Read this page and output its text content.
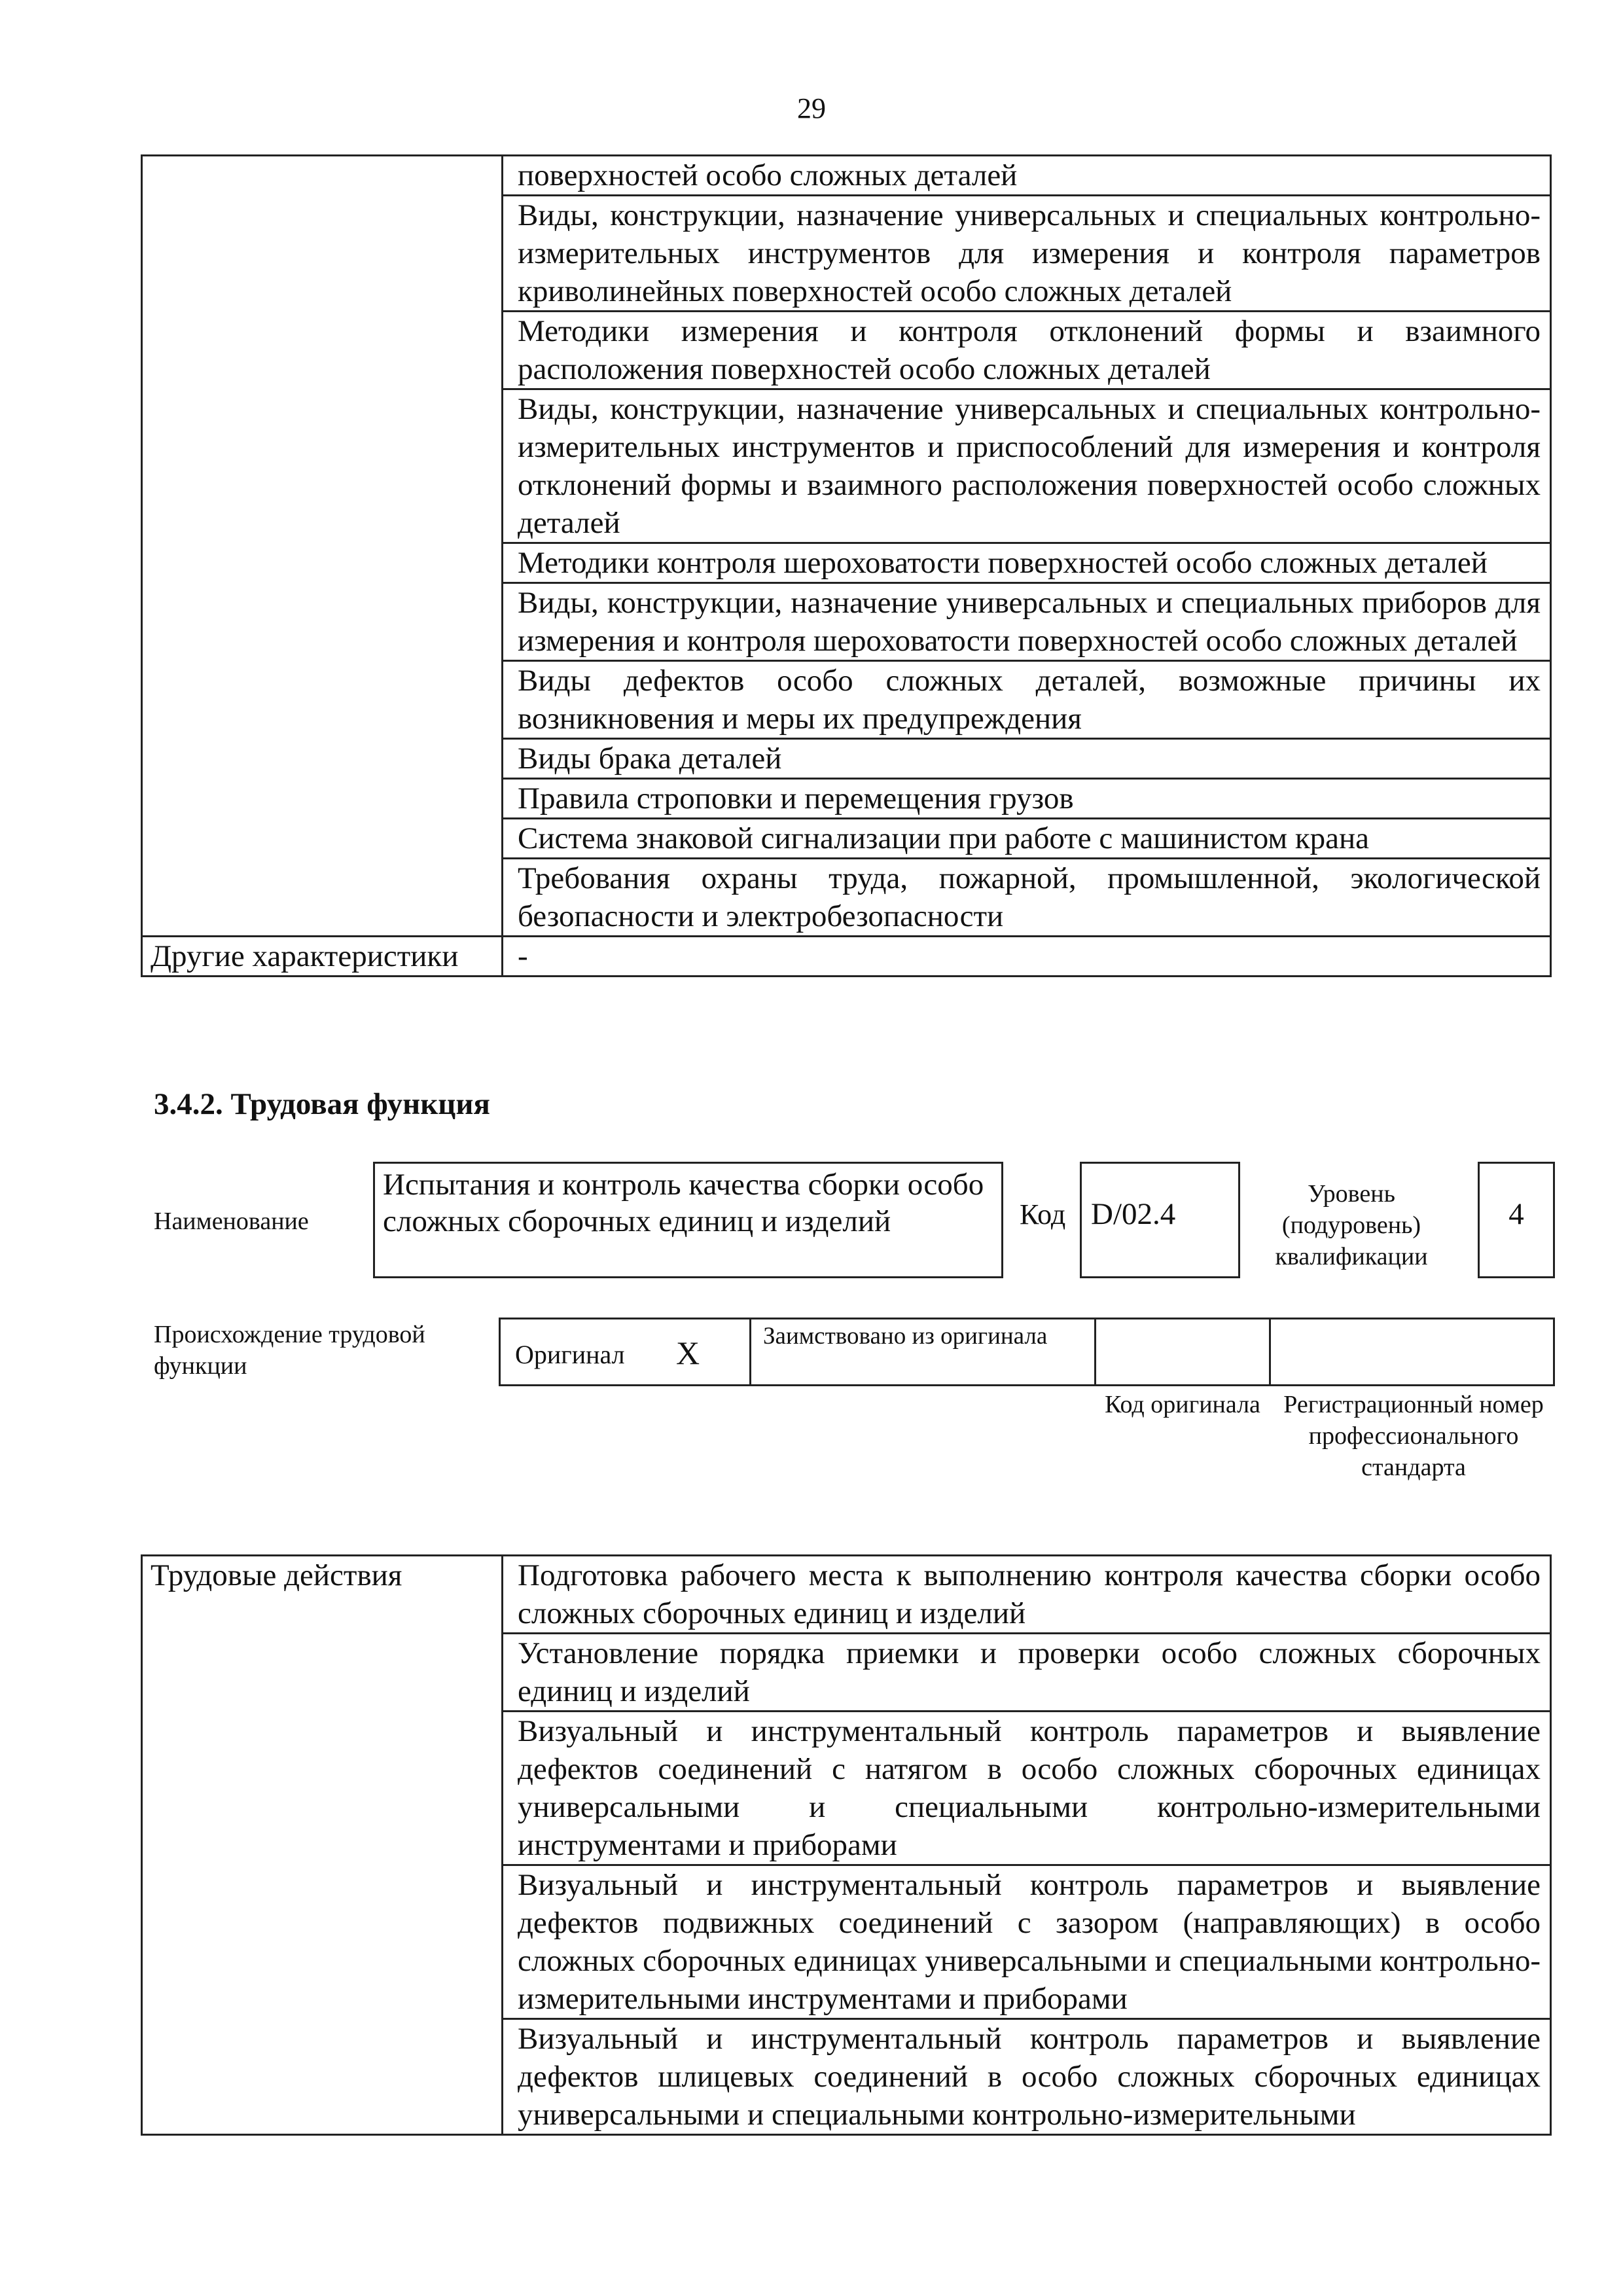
29

	поверхностей особо сложных деталей

	Виды, конструкции, назначение универсальных и специальных контрольно-измерительных инструментов для измерения и контроля параметров криволинейных поверхностей особо сложных деталей

	Методики измерения и контроля отклонений формы и взаимного расположения поверхностей особо сложных деталей

	Виды, конструкции, назначение универсальных и специальных контрольно-измерительных инструментов и приспособлений для измерения и контроля отклонений формы и взаимного расположения поверхностей особо сложных деталей

	Методики контроля шероховатости поверхностей особо сложных деталей

	Виды, конструкции, назначение универсальных и специальных приборов для измерения и контроля шероховатости поверхностей особо сложных деталей

	Виды дефектов особо сложных деталей, возможные причины их возникновения и меры их предупреждения

	Виды брака деталей

	Правила строповки и перемещения грузов

	Система знаковой сигнализации при работе с машинистом крана

	Требования охраны труда, пожарной, промышленной, экологической безопасности и электробезопасности

Другие характеристики	-
3.4.2. Трудовая функция
Наименование
Испытания и контроль качества сборки особо сложных сборочных единиц и изделий	Код D/02.4
Уровень (подуровень) квалификации
4
Происхождение трудовой функции	Оригинал X	Заимствовано из оригинала
Код оригинала Регистрационный номер профессионального стандарта
Трудовые действия	Подготовка рабочего места к выполнению контроля качества сборки особо сложных сборочных единиц и изделий

Установление порядка приемки и проверки особо сложных сборочных единиц и изделий

Визуальный и инструментальный контроль параметров и выявление дефектов соединений с натягом в особо сложных сборочных единицах универсальными и специальными контрольно-измерительными инструментами и приборами

Визуальный и инструментальный контроль параметров и выявление дефектов подвижных соединений с зазором (направляющих) в особо сложных сборочных единицах универсальными и специальными контрольно-измерительными инструментами и приборами

Визуальный и инструментальный контроль параметров и выявление дефектов шлицевых соединений в особо сложных сборочных единицах универсальными и специальными контрольно-измерительными
